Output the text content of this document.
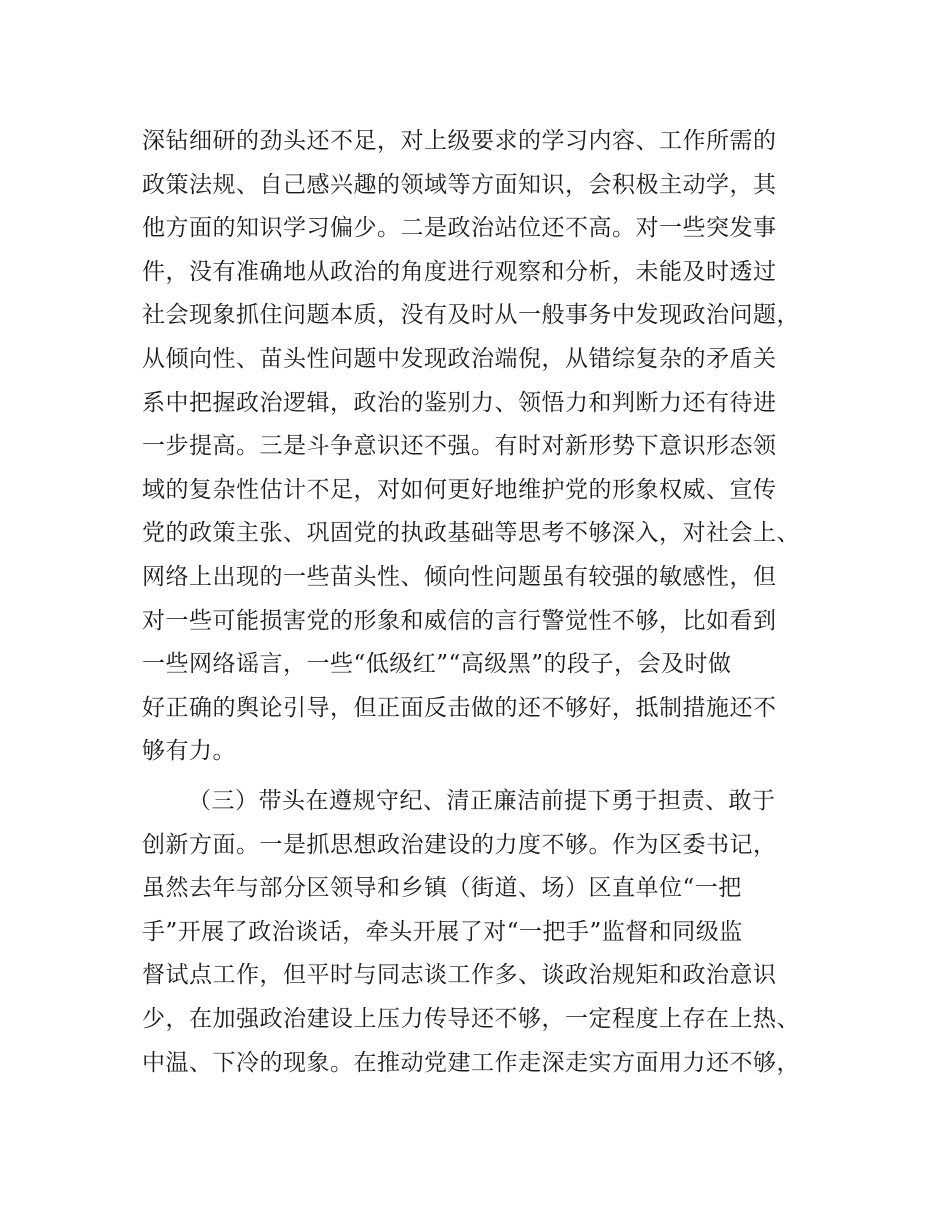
深钻细研的劲头还不足，对上级要求的学习内容、工作所需的
政策法规、自己感兴趣的领域等方面知识，会积极主动学，其
他方面的知识学习偏少。二是政治站位还不高。对一些突发事
件，没有准确地从政治的角度进行观察和分析，未能及时透过
社会现象抓住问题本质，没有及时从一般事务中发现政治问题，
从倾向性、苗头性问题中发现政治端倪，从错综复杂的矛盾关
系中把握政治逻辑，政治的鉴别力、领悟力和判断力还有待进
一步提高。三是斗争意识还不强。有时对新形势下意识形态领
域的复杂性估计不足，对如何更好地维护党的形象权威、宣传
党的政策主张、巩固党的执政基础等思考不够深入，对社会上、
网络上出现的一些苗头性、倾向性问题虽有较强的敏感性，但
对一些可能损害党的形象和威信的言行警觉性不够，比如看到
一些网络谣言，一些“低级红”“高级黑”的段子，会及时做
好正确的舆论引导，但正面反击做的还不够好，抵制措施还不
够有力。
（三）带头在遵规守纪、清正廉洁前提下勇于担责、敢于
创新方面。一是抓思想政治建设的力度不够。作为区委书记，
虽然去年与部分区领导和乡镇（街道、场）区直单位“一把
手”开展了政治谈话，牵头开展了对“一把手”监督和同级监
督试点工作，但平时与同志谈工作多、谈政治规矩和政治意识
少，在加强政治建设上压力传导还不够，一定程度上存在上热、
中温、下冷的现象。在推动党建工作走深走实方面用力还不够，
